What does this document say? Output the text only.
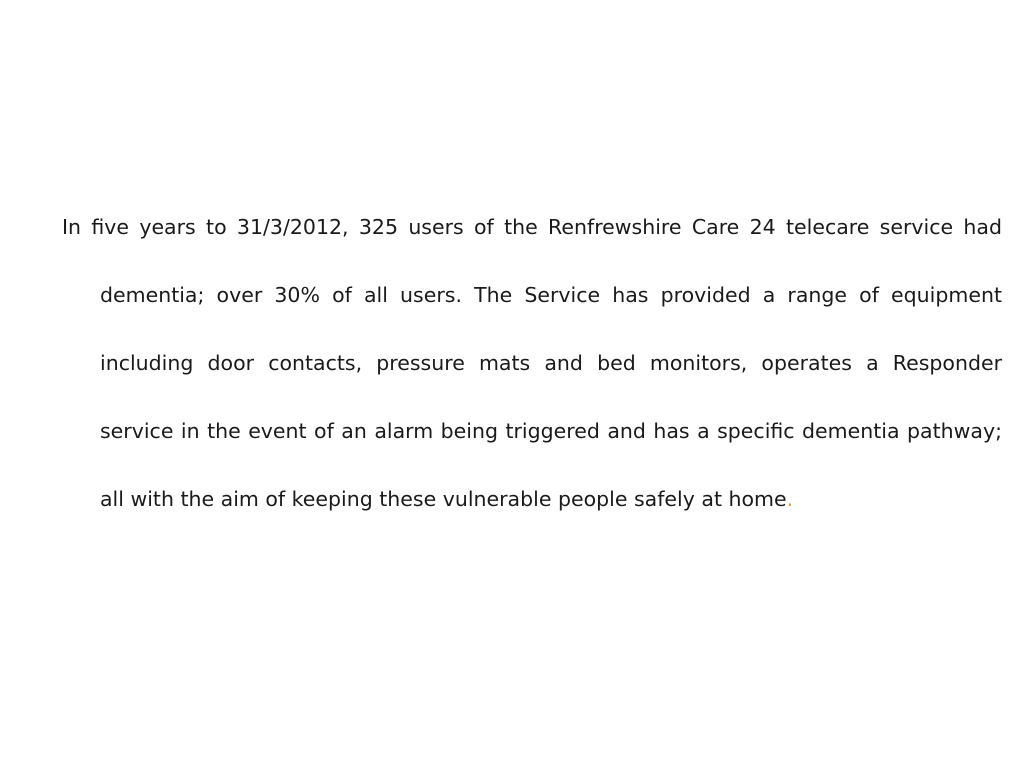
In five years to 31/3/2012, 325 users of the Renfrewshire Care 24 telecare service had dementia; over 30% of all users. The Service has provided a range of equipment including door contacts, pressure mats and bed monitors, operates a Responder service in the event of an alarm being triggered and has a specific dementia pathway; all with the aim of keeping these vulnerable people safely at home.
